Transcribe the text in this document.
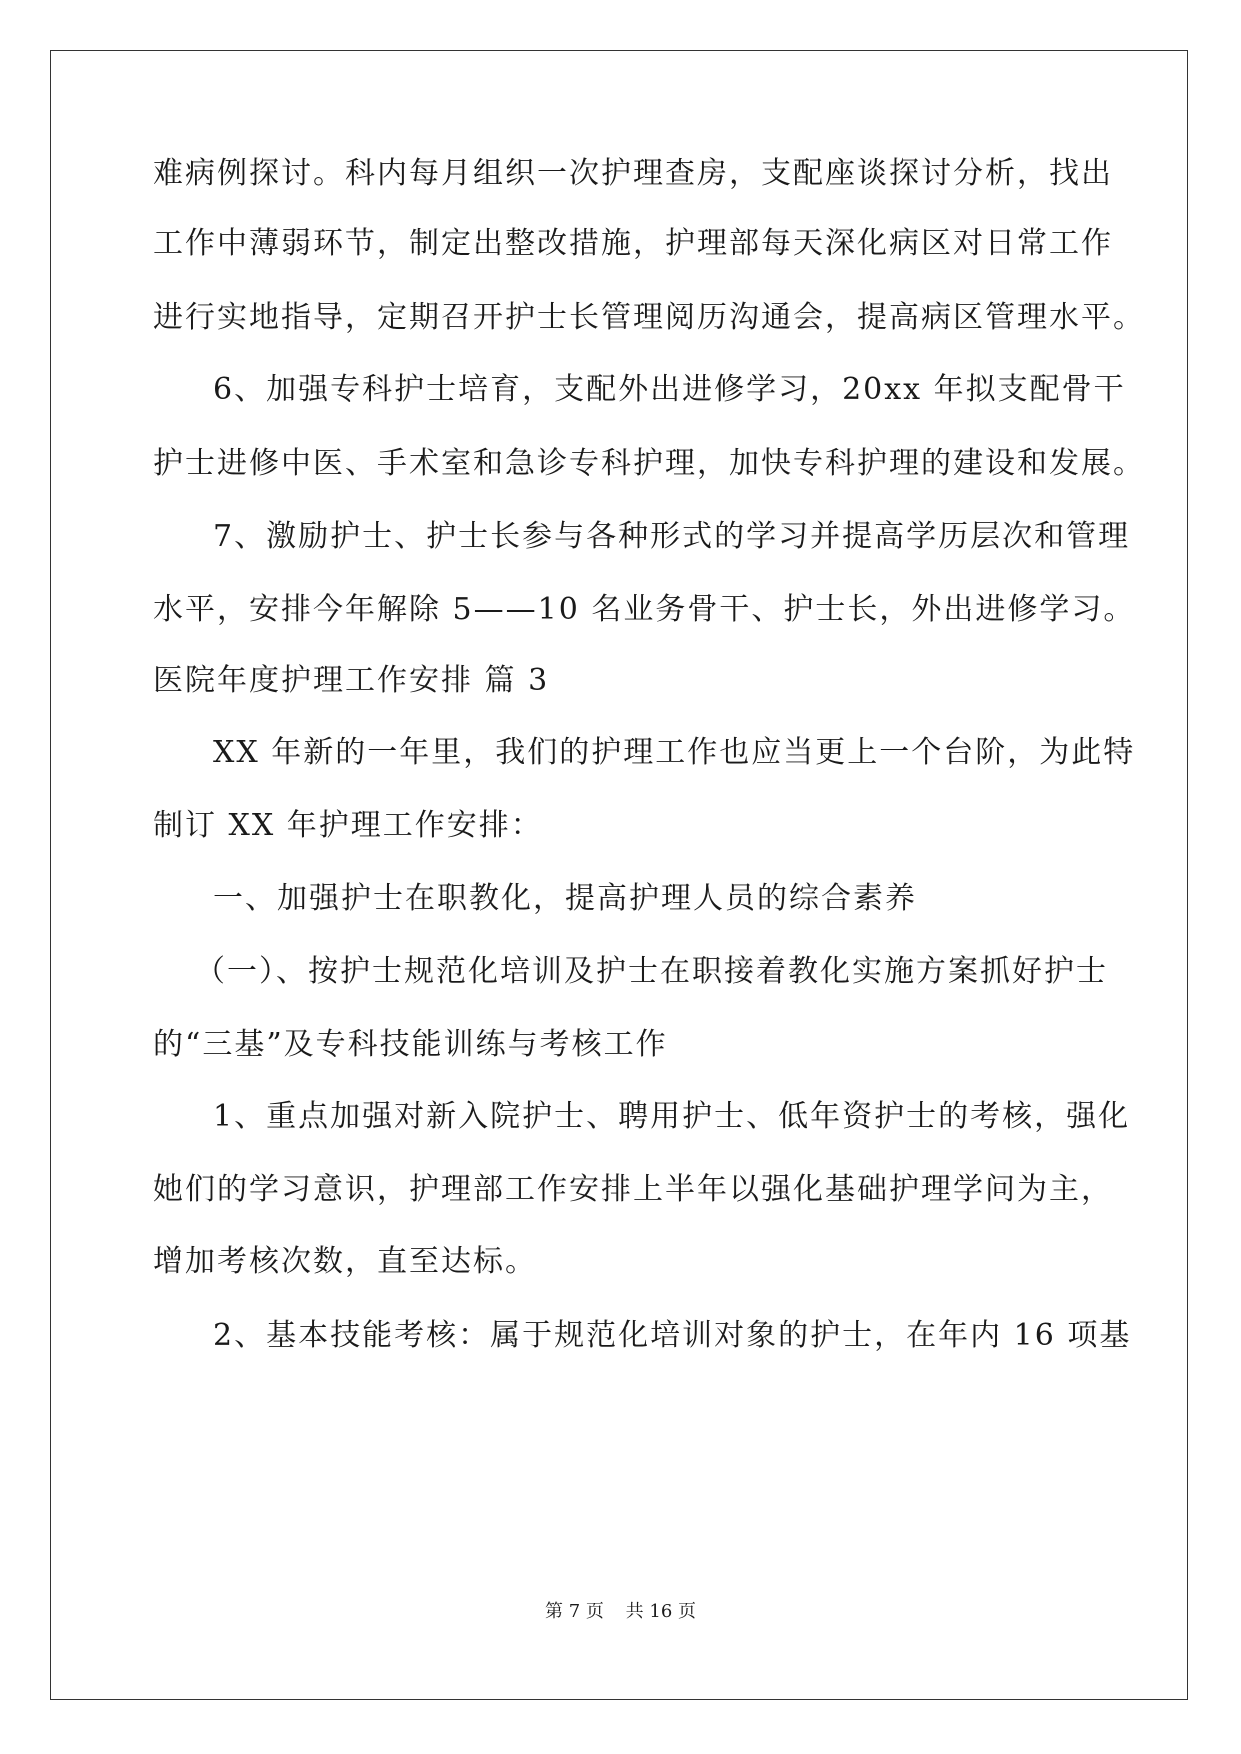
难病例探讨。科内每月组织一次护理查房，支配座谈探讨分析，找出
工作中薄弱环节，制定出整改措施，护理部每天深化病区对日常工作
进行实地指导，定期召开护士长管理阅历沟通会，提高病区管理水平。
6、加强专科护士培育，支配外出进修学习，20xx 年拟支配骨干
护士进修中医、手术室和急诊专科护理，加快专科护理的建设和发展。
7、激励护士、护士长参与各种形式的学习并提高学历层次和管理
水平，安排今年解除 5——10 名业务骨干、护士长，外出进修学习。
医院年度护理工作安排 篇 3
XX 年新的一年里，我们的护理工作也应当更上一个台阶，为此特
制订 XX 年护理工作安排：
一、加强护士在职教化，提高护理人员的综合素养
（一）、按护士规范化培训及护士在职接着教化实施方案抓好护士
的“三基”及专科技能训练与考核工作
1、重点加强对新入院护士、聘用护士、低年资护士的考核，强化
她们的学习意识，护理部工作安排上半年以强化基础护理学问为主，
增加考核次数，直至达标。
2、基本技能考核：属于规范化培训对象的护士，在年内 16 项基
第 7 页 共 16 页
